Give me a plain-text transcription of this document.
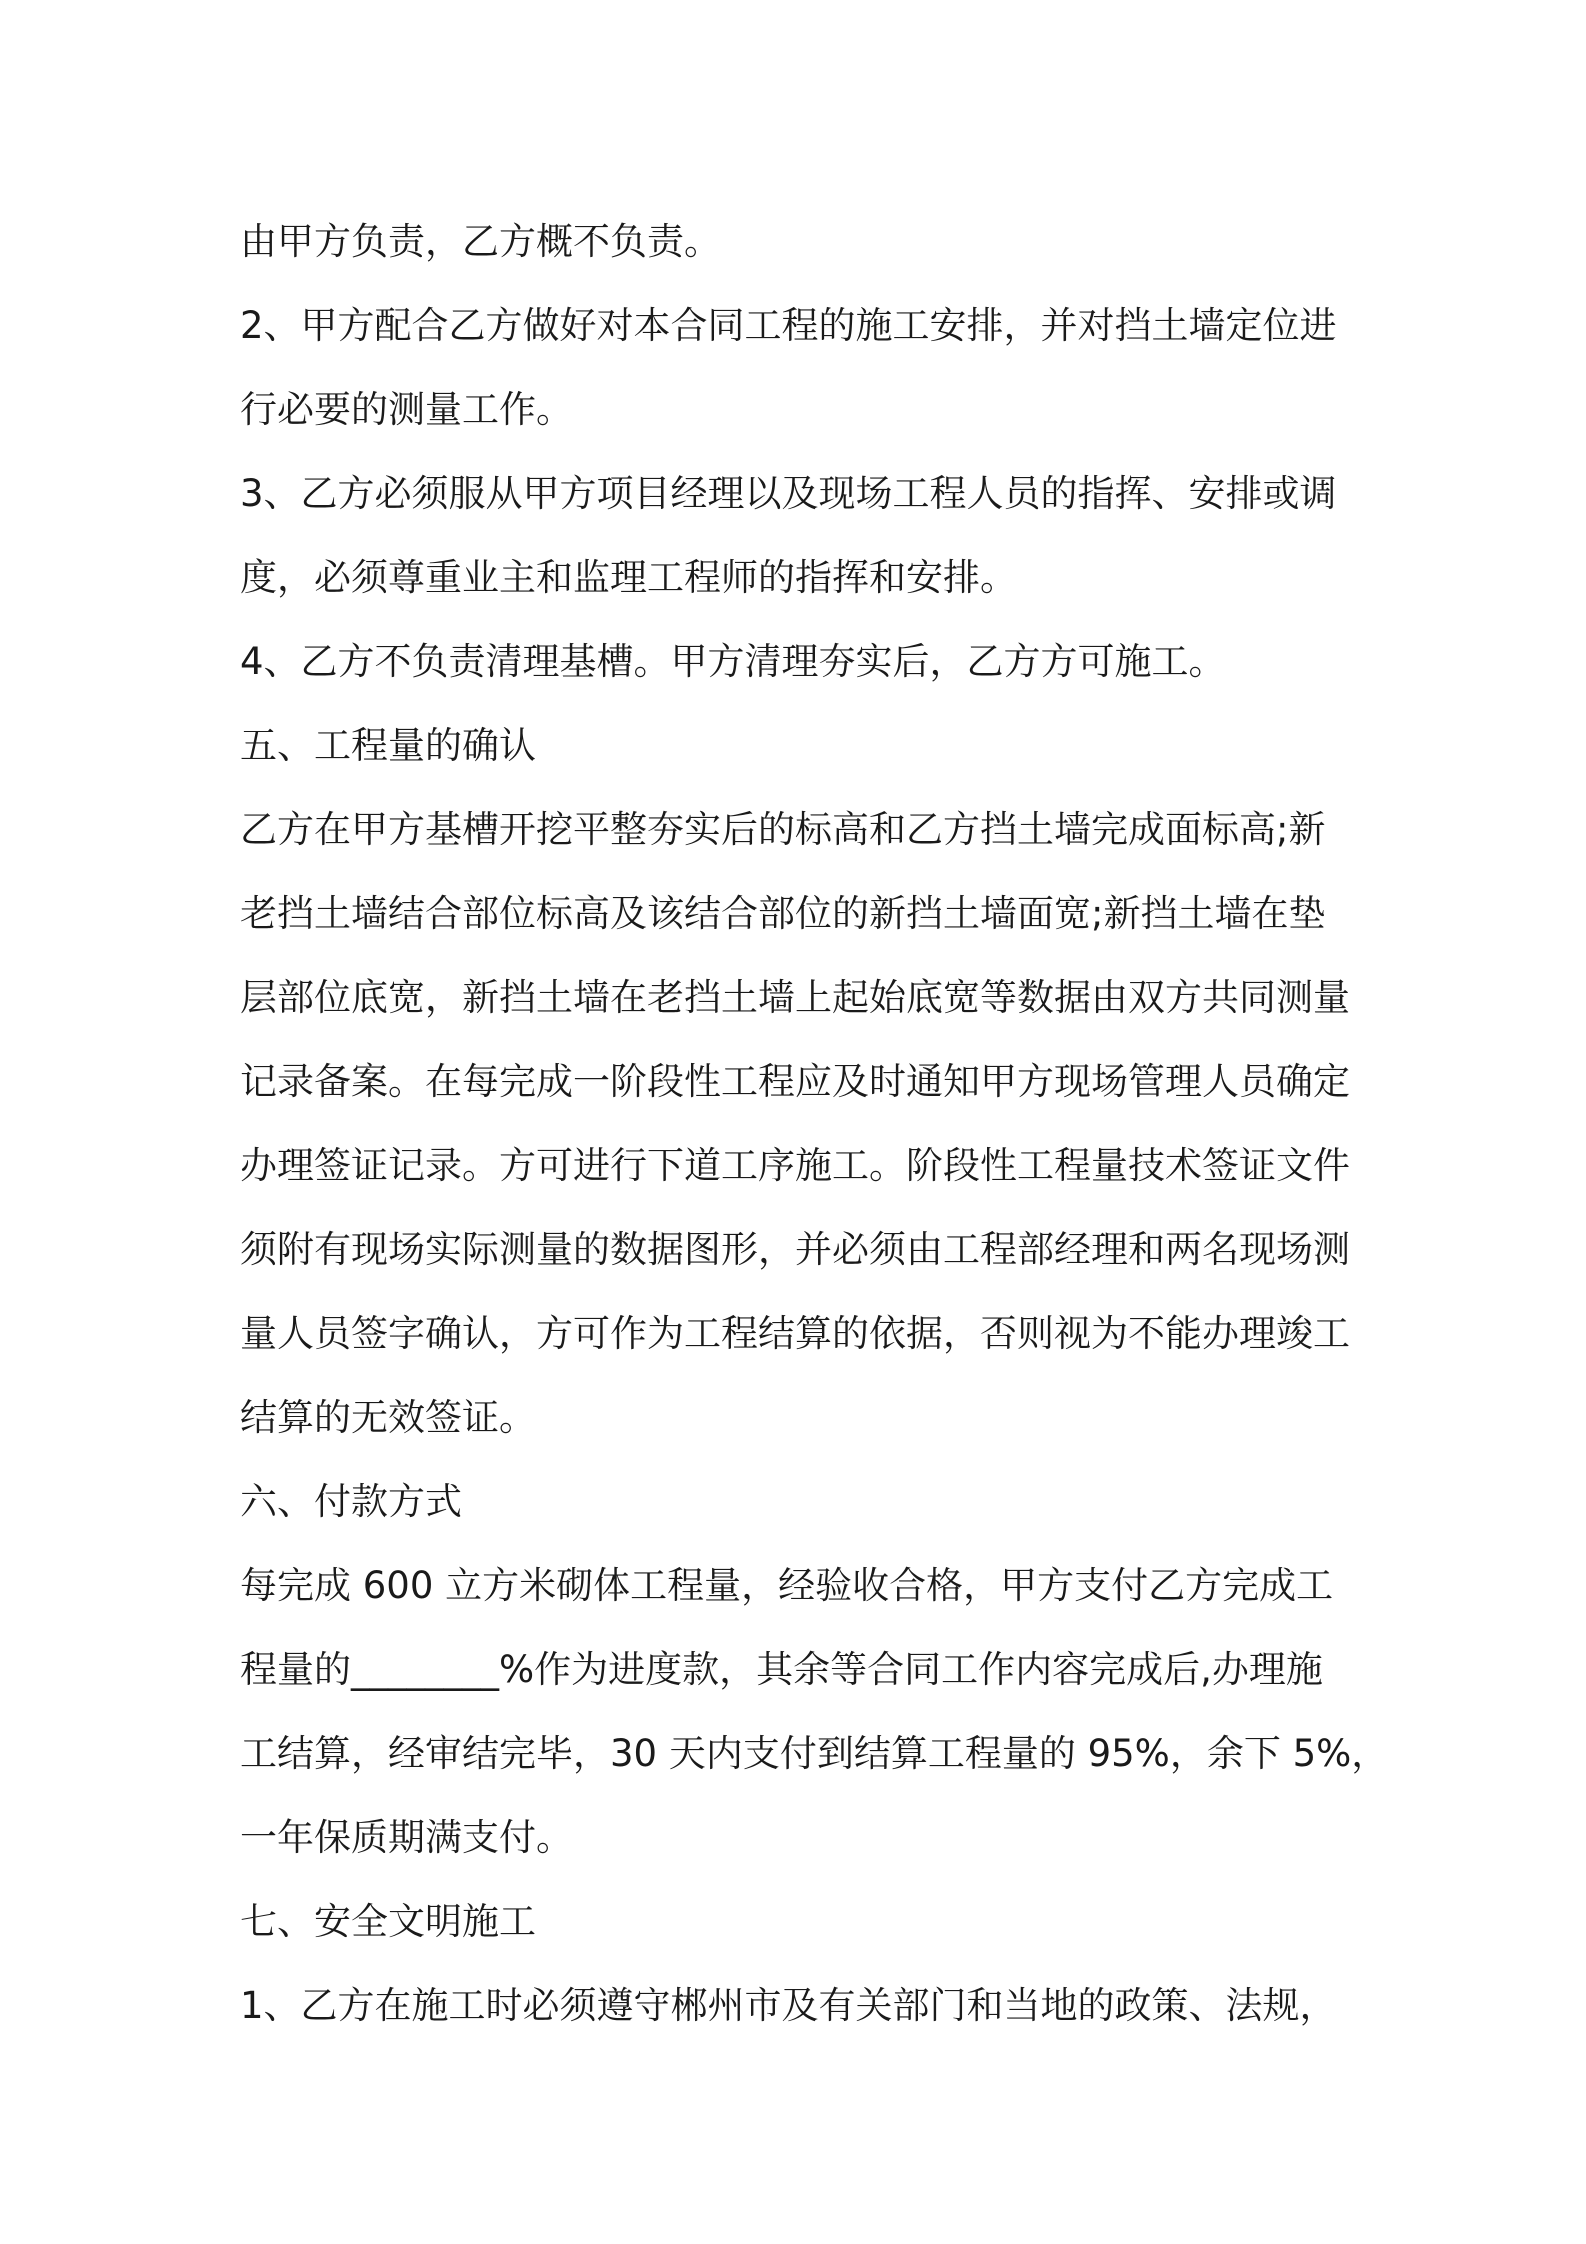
由甲方负责，乙方概不负责。
2、甲方配合乙方做好对本合同工程的施工安排，并对挡土墙定位进
行必要的测量工作。
3、乙方必须服从甲方项目经理以及现场工程人员的指挥、安排或调
度，必须尊重业主和监理工程师的指挥和安排。
4、乙方不负责清理基槽。甲方清理夯实后，乙方方可施工。
五、工程量的确认
乙方在甲方基槽开挖平整夯实后的标高和乙方挡土墙完成面标高;新
老挡土墙结合部位标高及该结合部位的新挡土墙面宽;新挡土墙在垫
层部位底宽，新挡土墙在老挡土墙上起始底宽等数据由双方共同测量
记录备案。在每完成一阶段性工程应及时通知甲方现场管理人员确定
办理签证记录。方可进行下道工序施工。阶段性工程量技术签证文件
须附有现场实际测量的数据图形，并必须由工程部经理和两名现场测
量人员签字确认，方可作为工程结算的依据，否则视为不能办理竣工
结算的无效签证。
六、付款方式
每完成 600 立方米砌体工程量，经验收合格，甲方支付乙方完成工
程量的________%作为进度款，其余等合同工作内容完成后,办理施
工结算，经审结完毕，30 天内支付到结算工程量的 95%，余下 5%，
一年保质期满支付。
七、安全文明施工
1、乙方在施工时必须遵守郴州市及有关部门和当地的政策、法规，
